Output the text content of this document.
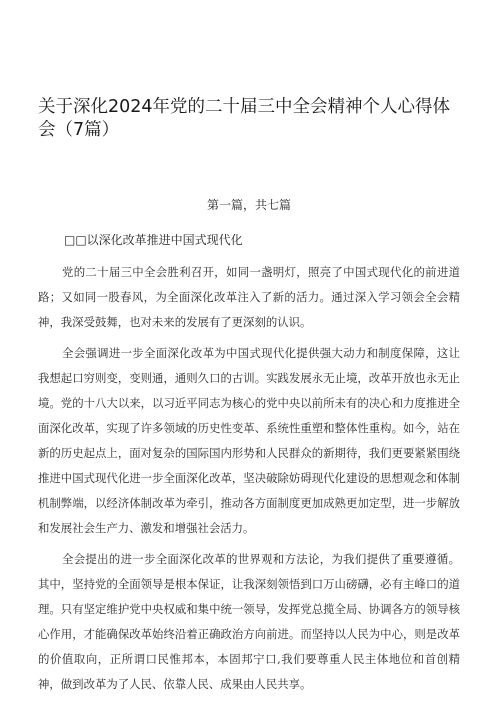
关于深化2024年党的二十届三中全会精神个人心得体会（7篇）

第一篇，共七篇

□□以深化改革推进中国式现代化

党的二十届三中全会胜利召开，如同一盏明灯，照亮了中国式现代化的前进道路；又如同一股春风，为全面深化改革注入了新的活力。通过深入学习领会全会精神，我深受鼓舞，也对未来的发展有了更深刻的认识。

全会强调进一步全面深化改革为中国式现代化提供强大动力和制度保障，这让我想起口穷则变，变则通，通则久口的古训。实践发展永无止境，改革开放也永无止境。党的十八大以来，以习近平同志为核心的党中央以前所未有的决心和力度推进全面深化改革，实现了许多领域的历史性变革、系统性重塑和整体性重构。如今，站在新的历史起点上，面对复杂的国际国内形势和人民群众的新期待，我们更要紧紧围绕推进中国式现代化进一步全面深化改革，坚决破除妨碍现代化建设的思想观念和体制机制弊端，以经济体制改革为牵引，推动各方面制度更加成熟更加定型，进一步解放和发展社会生产力、激发和增强社会活力。

全会提出的进一步全面深化改革的世界观和方法论，为我们提供了重要遵循。其中，坚持党的全面领导是根本保证，让我深刻领悟到口万山磅礴，必有主峰口的道理。只有坚定维护党中央权威和集中统一领导，发挥党总揽全局、协调各方的领导核心作用，才能确保改革始终沿着正确政治方向前进。而坚持以人民为中心，则是改革的价值取向，正所谓口民惟邦本，本固邦宁口,我们要尊重人民主体地位和首创精神，做到改革为了人民、依靠人民、成果由人民共享。
